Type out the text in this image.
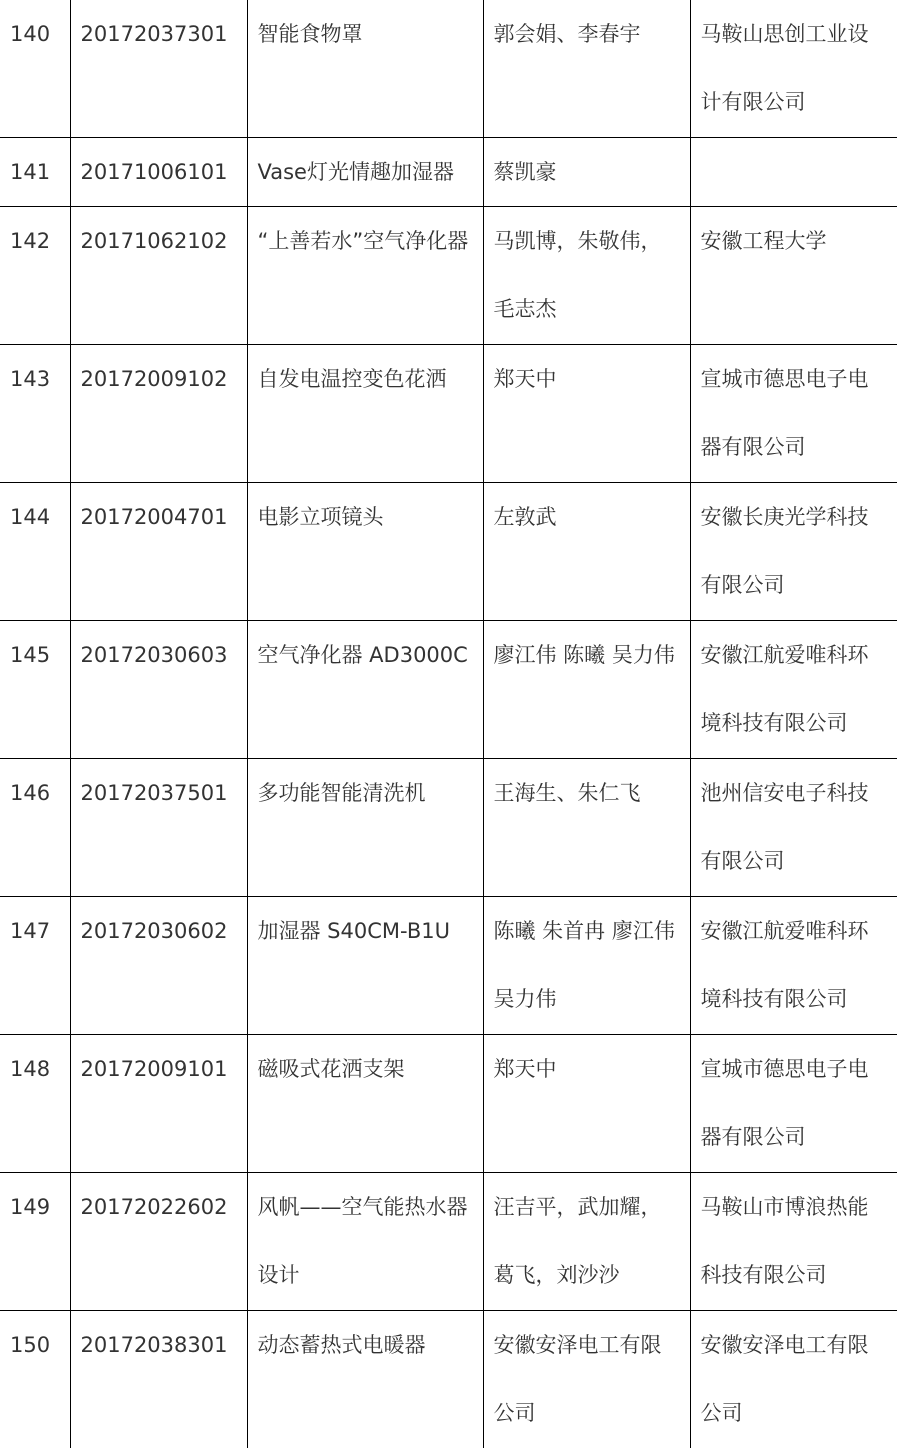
140	20172037301	智能食物罩	郭会娟、李春宇	马鞍山思创工业设计有限公司

141	20171006101	Vase灯光情趣加湿器	蔡凯豪	

142	20171062102	“上善若水”空气净化器	马凯博，朱敬伟，毛志杰	安徽工程大学

143	20172009102	自发电温控变色花洒	郑天中	宣城市德思电子电器有限公司

144	20172004701	电影立项镜头	左敦武	安徽长庚光学科技有限公司

145	20172030603	空气净化器 AD3000C	廖江伟 陈曦 吴力伟	安徽江航爱唯科环境科技有限公司

146	20172037501	多功能智能清洗机	王海生、朱仁飞	池州信安电子科技有限公司

147	20172030602	加湿器 S40CM-B1U	陈曦 朱首冉 廖江伟吴力伟	安徽江航爱唯科环境科技有限公司

148	20172009101	磁吸式花洒支架	郑天中	宣城市德思电子电器有限公司

149	20172022602	风帆——空气能热水器设计	汪吉平，武加耀，葛飞，刘沙沙	马鞍山市博浪热能科技有限公司

150	20172038301	动态蓄热式电暖器	安徽安泽电工有限公司	安徽安泽电工有限公司
